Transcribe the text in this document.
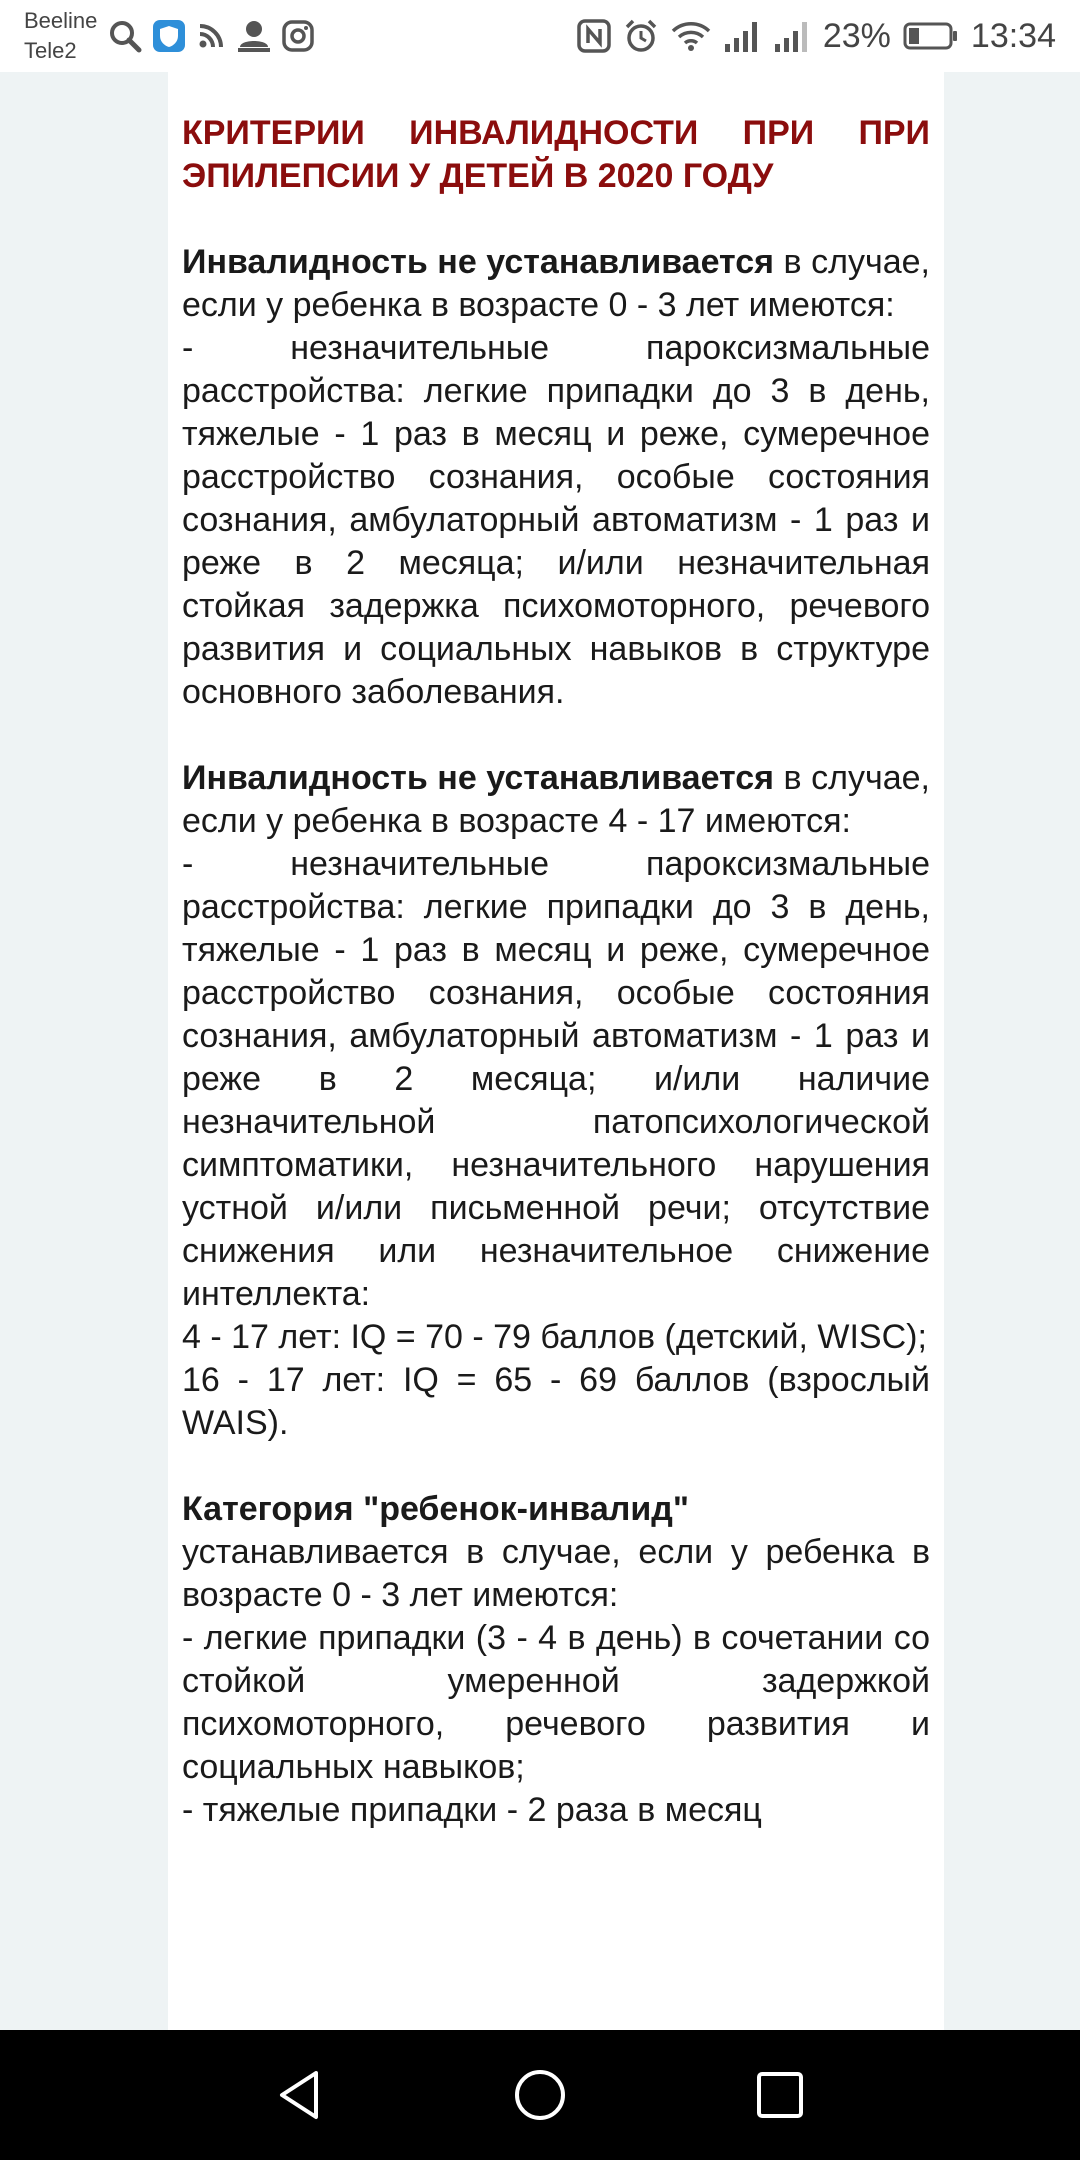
Beeline
Tele2	23% 13:34
КРИТЕРИИ ИНВАЛИДНОСТИ ПРИ ПРИ ЭПИЛЕПСИИ У ДЕТЕЙ В 2020 ГОДУ

Инвалидность не устанавливается в случае, если у ребенка в возрасте 0 - 3 лет имеются:

- незначительные пароксизмальные расстройства: легкие припадки до 3 в день, тяжелые - 1 раз в месяц и реже, сумеречное расстройство сознания, особые состояния сознания, амбулаторный автоматизм - 1 раз и реже в 2 месяца; и/или незначительная стойкая задержка психомоторного, речевого развития и социальных навыков в структуре основного заболевания.

Инвалидность не устанавливается в случае, если у ребенка в возрасте 4 - 17 имеются:

- незначительные пароксизмальные расстройства: легкие припадки до 3 в день, тяжелые - 1 раз в месяц и реже, сумеречное расстройство сознания, особые состояния сознания, амбулаторный автоматизм - 1 раз и реже в 2 месяца; и/или наличие незначительной патопсихологической симптоматики, незначительного нарушения устной и/или письменной речи; отсутствие снижения или незначительное снижение интеллекта:

4 - 17 лет: IQ = 70 - 79 баллов (детский, WISC);

16 - 17 лет: IQ = 65 - 69 баллов (взрослый WAIS).

Категория "ребенок-инвалид"

устанавливается в случае, если у ребенка в возрасте 0 - 3 лет имеются:

- легкие припадки (3 - 4 в день) в сочетании со стойкой умеренной задержкой психомоторного, речевого развития и социальных навыков;

- тяжелые припадки - 2 раза в месяц
